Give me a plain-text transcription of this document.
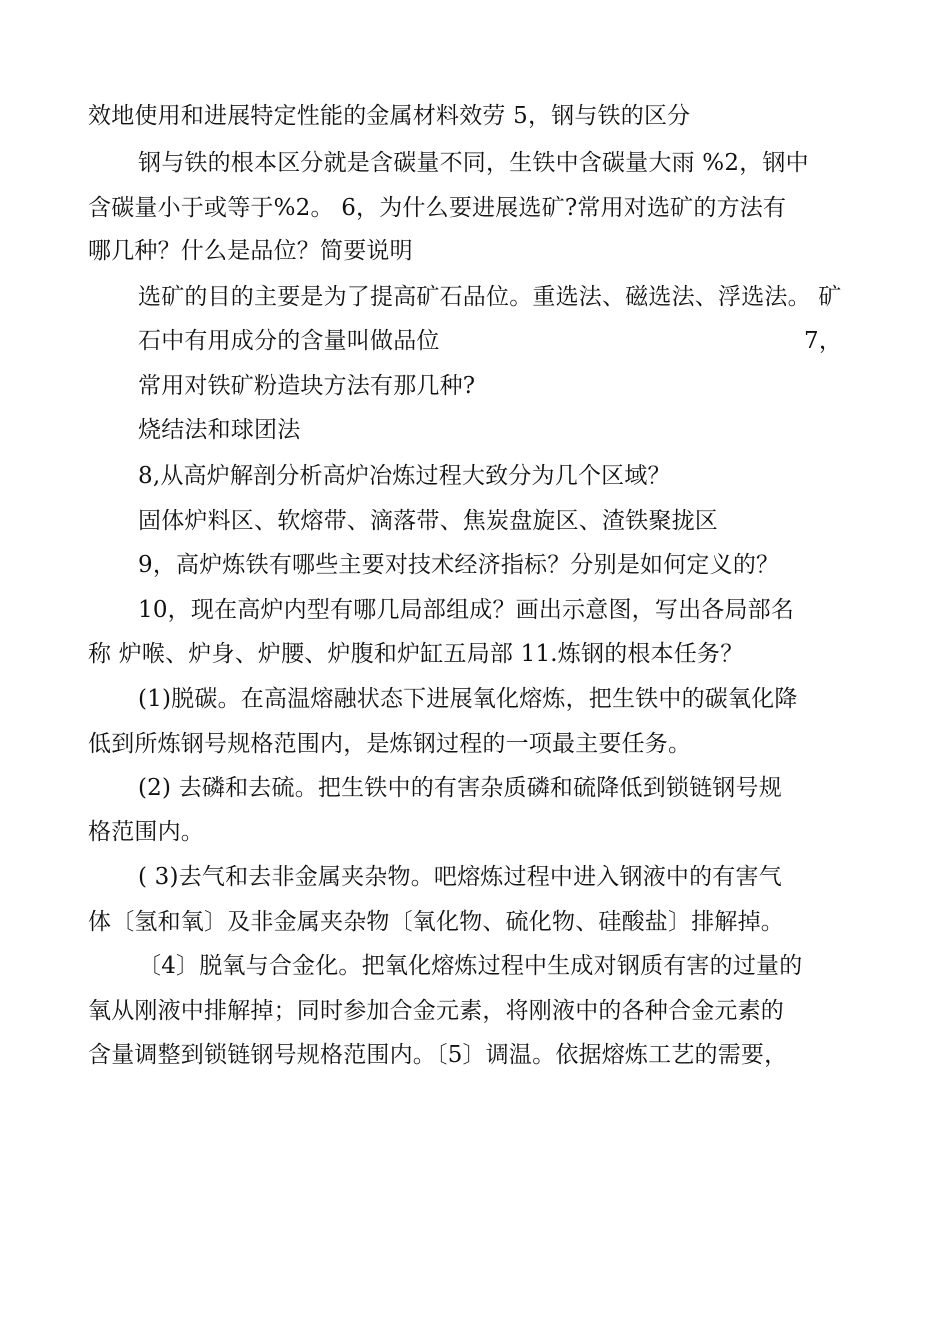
效地使用和进展特定性能的金属材料效劳 5，钢与铁的区分
钢与铁的根本区分就是含碳量不同，生铁中含碳量大雨 %2，钢中
含碳量小于或等于%2。 6，为什么要进展选矿?常用对选矿的方法有
哪几种？什么是品位？简要说明
选矿的目的主要是为了提高矿石品位。重选法、磁选法、浮选法。 矿
石中有用成分的含量叫做品位	7，
常用对铁矿粉造块方法有那几种?
烧结法和球团法
8,从高炉解剖分析高炉冶炼过程大致分为几个区域？
固体炉料区、软熔带、滴落带、焦炭盘旋区、渣铁聚拢区
9，高炉炼铁有哪些主要对技术经济指标？分别是如何定义的？
10，现在高炉内型有哪几局部组成？画出示意图，写出各局部名
称 炉喉、炉身、炉腰、炉腹和炉缸五局部 11.炼钢的根本任务？
(1)脱碳。在高温熔融状态下进展氧化熔炼，把生铁中的碳氧化降
低到所炼钢号规格范围内，是炼钢过程的一项最主要任务。
(2) 去磷和去硫。把生铁中的有害杂质磷和硫降低到锁链钢号规
格范围内。
( 3)去气和去非金属夹杂物。吧熔炼过程中进入钢液中的有害气
体〔氢和氧〕及非金属夹杂物〔氧化物、硫化物、硅酸盐〕排解掉。
〔4〕脱氧与合金化。把氧化熔炼过程中生成对钢质有害的过量的
氧从刚液中排解掉；同时参加合金元素，将刚液中的各种合金元素的
含量调整到锁链钢号规格范围内。〔5〕调温。依据熔炼工艺的需要，
